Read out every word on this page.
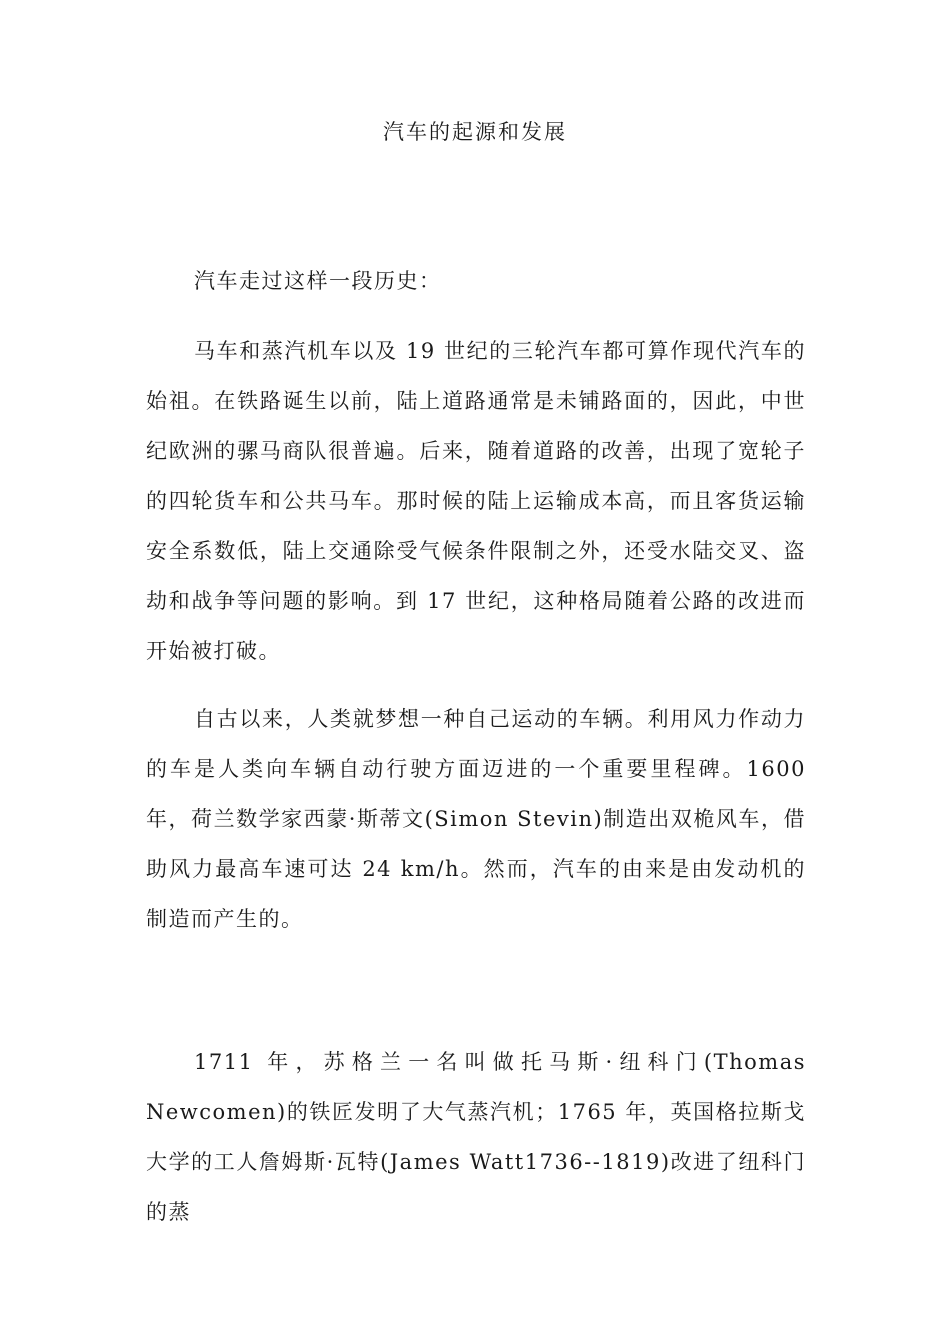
汽车的起源和发展

汽车走过这样一段历史：

马车和蒸汽机车以及 19 世纪的三轮汽车都可算作现代汽车的始祖。在铁路诞生以前，陆上道路通常是未铺路面的，因此，中世纪欧洲的骡马商队很普遍。后来，随着道路的改善，出现了宽轮子的四轮货车和公共马车。那时候的陆上运输成本高，而且客货运输安全系数低，陆上交通除受气候条件限制之外，还受水陆交叉、盗劫和战争等问题的影响。到 17 世纪，这种格局随着公路的改进而开始被打破。

自古以来，人类就梦想一种自己运动的车辆。利用风力作动力的车是人类向车辆自动行驶方面迈进的一个重要里程碑。1600 年，荷兰数学家西蒙·斯蒂文(Simon Stevin)制造出双桅风车，借助风力最高车速可达 24 km/h。然而，汽车的由来是由发动机的制造而产生的。

1711 年，苏格兰一名叫做托马斯·纽科门(Thomas Newcomen)的铁匠发明了大气蒸汽机；1765 年，英国格拉斯戈大学的工人詹姆斯·瓦特(James Watt1736--1819)改进了纽科门的蒸
